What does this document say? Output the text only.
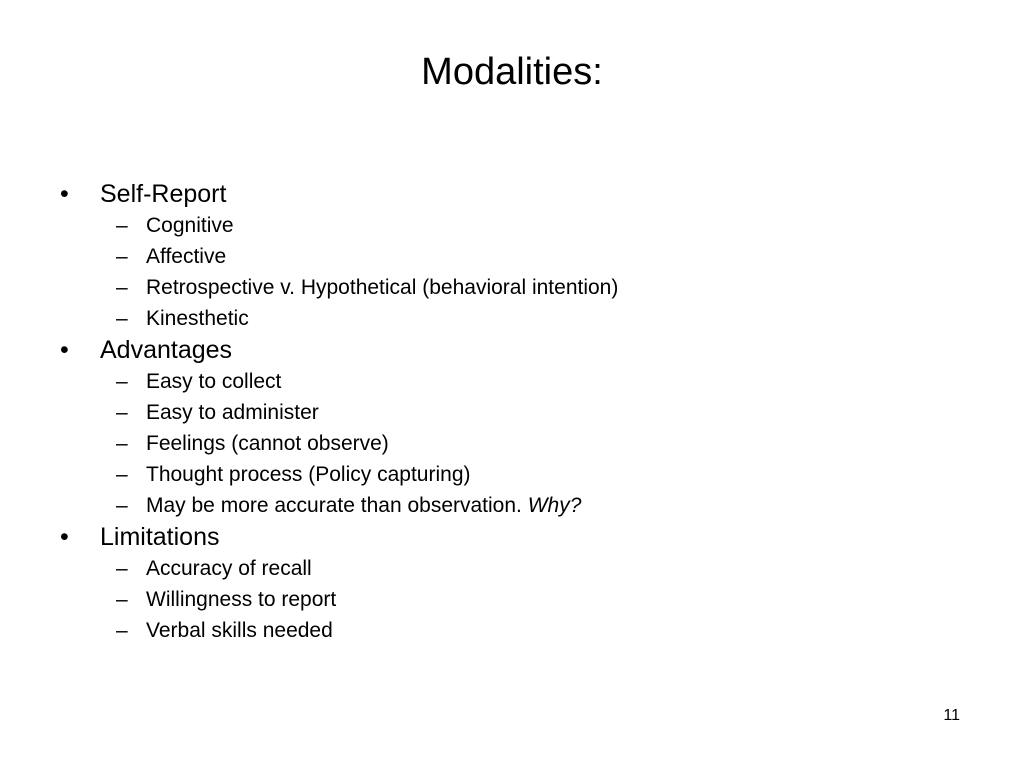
Modalities:
• Self-Report
– Cognitive
– Affective
– Retrospective v. Hypothetical (behavioral intention)
– Kinesthetic
• Advantages
– Easy to collect
– Easy to administer
– Feelings (cannot observe)
– Thought process (Policy capturing)
– May be more accurate than observation. Why?
• Limitations
– Accuracy of recall
– Willingness to report
– Verbal skills needed
11
